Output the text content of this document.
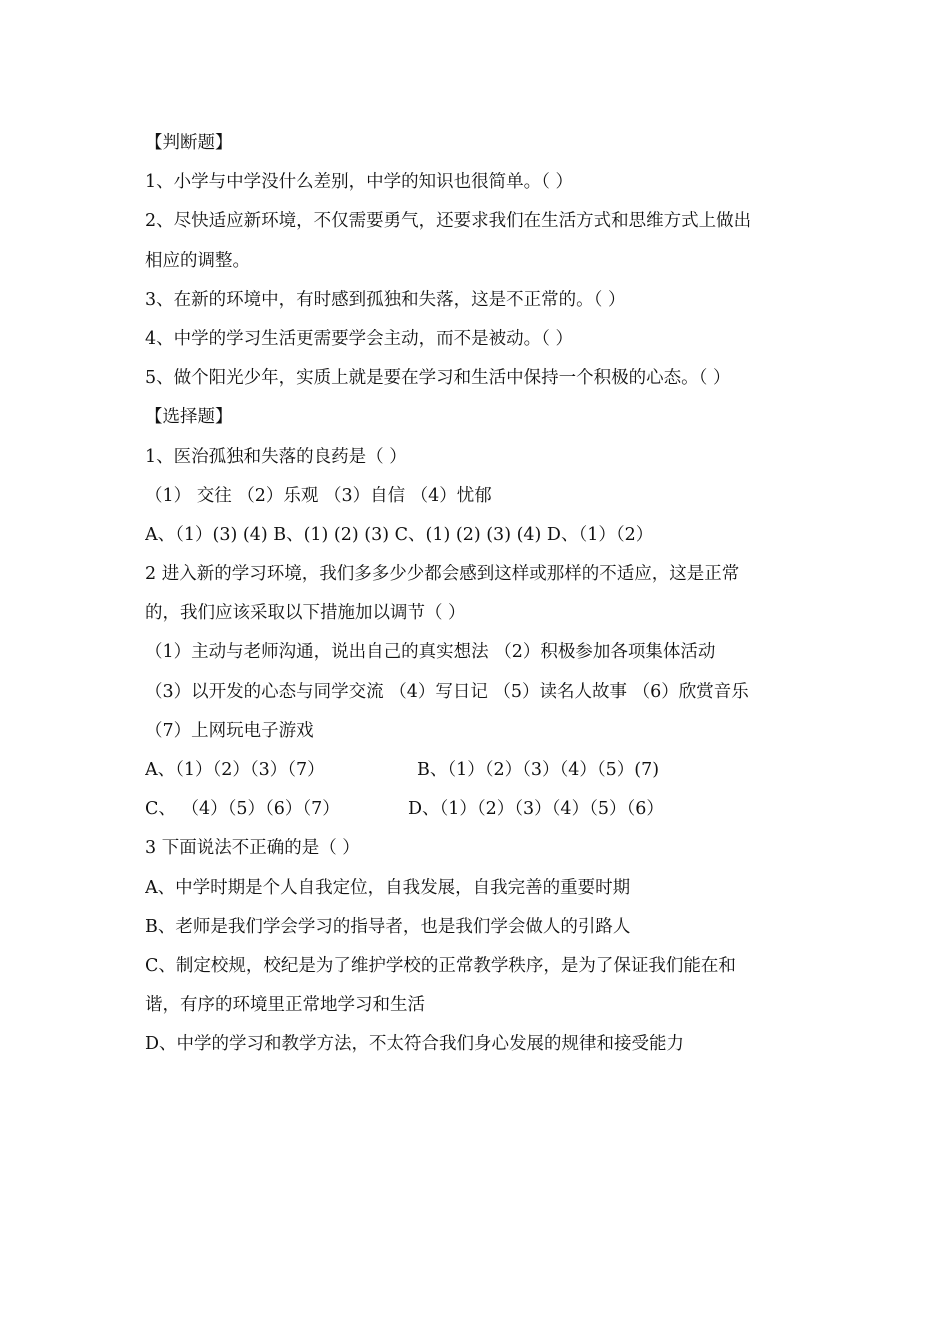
【判断题】
1、小学与中学没什么差别，中学的知识也很简单。（ ）
2、尽快适应新环境，不仅需要勇气，还要求我们在生活方式和思维方式上做出
相应的调整。
3、在新的环境中，有时感到孤独和失落，这是不正常的。（ ）
4、中学的学习生活更需要学会主动，而不是被动。（ ）
5、做个阳光少年，实质上就是要在学习和生活中保持一个积极的心态。（ ）
【选择题】
1、医治孤独和失落的良药是（ ）
（1） 交往 （2）乐观 （3）自信 （4）忧郁
A、（1）(3) (4) B、(1) (2) (3) C、(1) (2) (3) (4) D、（1）（2）
2 进入新的学习环境，我们多多少少都会感到这样或那样的不适应，这是正常
的，我们应该采取以下措施加以调节（ ）
（1）主动与老师沟通，说出自己的真实想法 （2）积极参加各项集体活动
（3）以开发的心态与同学交流 （4）写日记 （5）读名人故事 （6）欣赏音乐
（7）上网玩电子游戏
A、（1）（2）（3）（7）	B、（1）（2）（3）（4）（5）(7)
C、 （4）（5）（6）（7）	D、（1）（2）（3）（4）（5）（6）
3 下面说法不正确的是（ ）
A、中学时期是个人自我定位，自我发展，自我完善的重要时期
B、老师是我们学会学习的指导者，也是我们学会做人的引路人
C、制定校规，校纪是为了维护学校的正常教学秩序，是为了保证我们能在和
谐，有序的环境里正常地学习和生活
D、中学的学习和教学方法，不太符合我们身心发展的规律和接受能力
